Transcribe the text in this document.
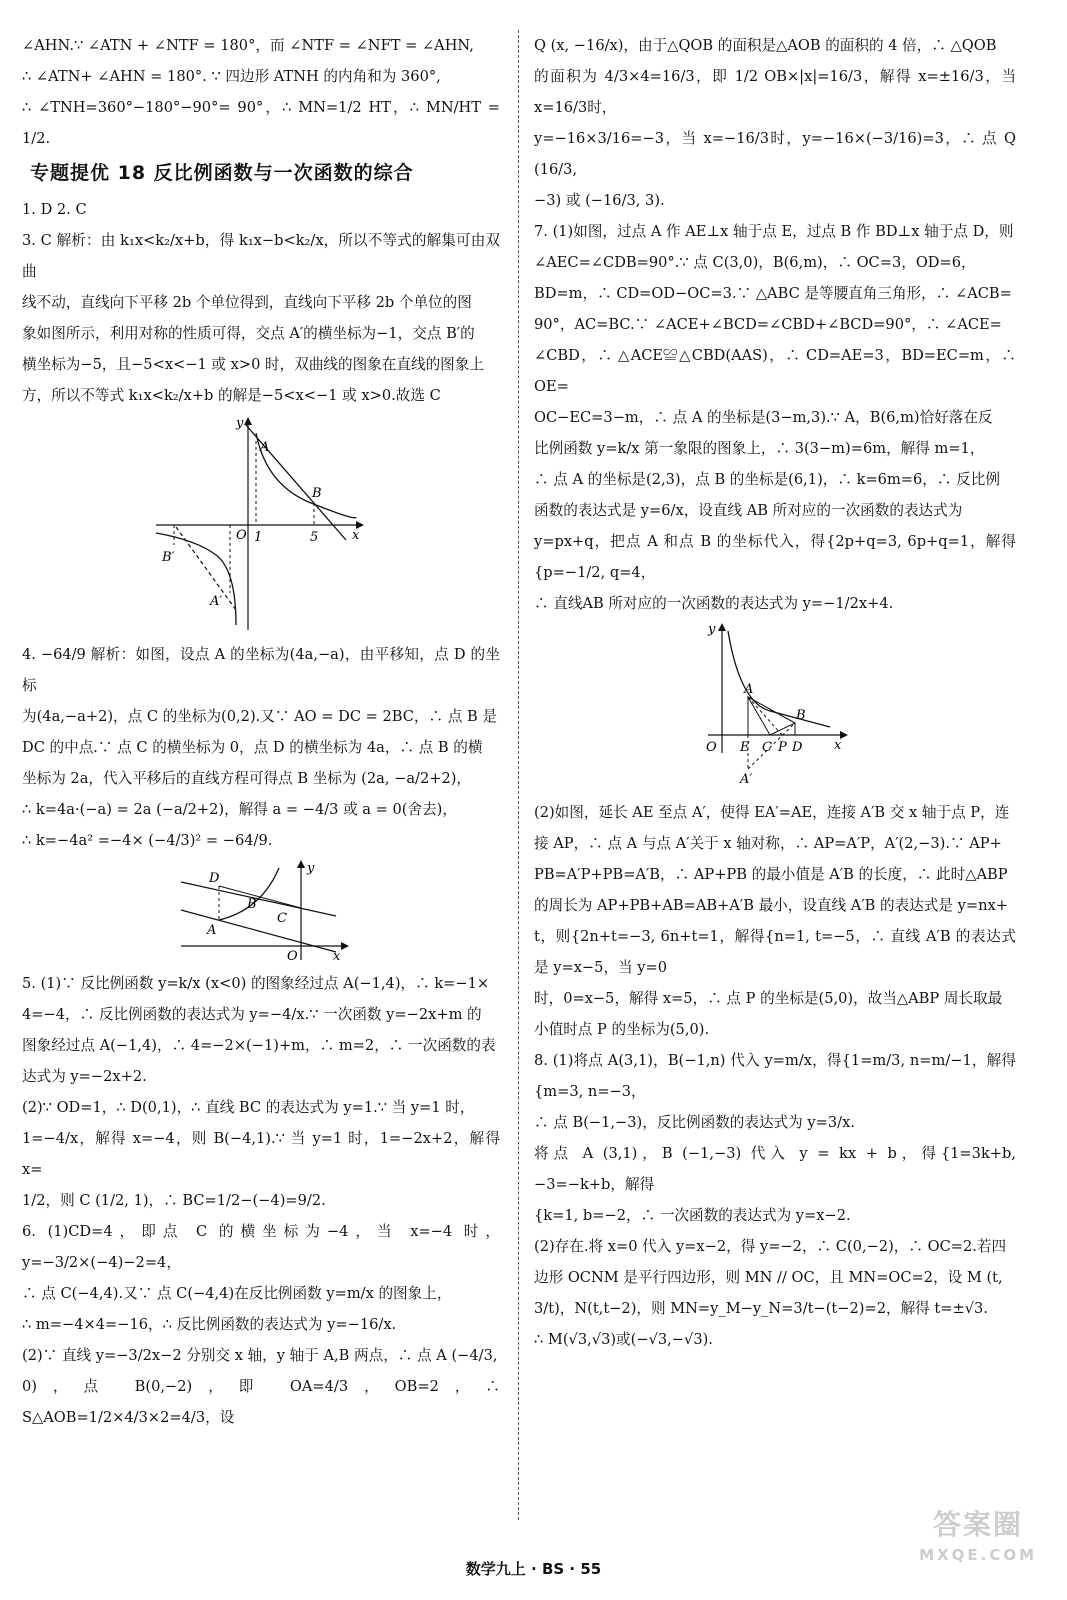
∠AHN.∵ ∠ATN + ∠NTF = 180°，而 ∠NTF = ∠NFT = ∠AHN,
∴ ∠ATN+ ∠AHN = 180°. ∵ 四边形 ATNH 的内角和为 360°,
∴ ∠TNH=360°−180°−90°= 90°，∴ MN=1/2 HT，∴ MN/HT = 1/2.
专题提优 18 反比例函数与一次函数的综合
1. D 2. C
3. C 解析：由 k₁x<k₂/x+b，得 k₁x−b<k₂/x，所以不等式的解集可由双曲
线不动，直线向下平移 2b 个单位得到，直线向下平移 2b 个单位的图
象如图所示，利用对称的性质可得，交点 A′的横坐标为−1，交点 B′的
横坐标为−5，且−5<x<−1 或 x>0 时，双曲线的图象在直线的图象上
方，所以不等式 k₁x<k₂/x+b 的解是−5<x<−1 或 x>0.故选 C
y
A
B
O 1	5	x
B′
A′
4. −64/9 解析：如图，设点 A 的坐标为(4a,−a)，由平移知，点 D 的坐标
为(4a,−a+2)，点 C 的坐标为(0,2).又∵ AO = DC = 2BC，∴ 点 B 是
DC 的中点.∵ 点 C 的横坐标为 0，点 D 的横坐标为 4a，∴ 点 B 的横
坐标为 2a，代入平移后的直线方程可得点 B 坐标为 (2a, −a/2+2)，
∴ k=4a·(−a) = 2a (−a/2+2)，解得 a = −4/3 或 a = 0(舍去)，
∴ k=−4a² =−4× (−4/3)² = −64/9.
y
D
B
C
A
O	x
5. (1)∵ 反比例函数 y=k/x (x<0) 的图象经过点 A(−1,4)，∴ k=−1×
4=−4，∴ 反比例函数的表达式为 y=−4/x.∵ 一次函数 y=−2x+m 的
图象经过点 A(−1,4)，∴ 4=−2×(−1)+m，∴ m=2，∴ 一次函数的表
达式为 y=−2x+2.
(2)∵ OD=1，∴ D(0,1)，∴ 直线 BC 的表达式为 y=1.∵ 当 y=1 时，
1=−4/x，解得 x=−4，则 B(−4,1).∵ 当 y=1 时，1=−2x+2，解得 x=
1/2，则 C (1/2, 1)，∴ BC=1/2−(−4)=9/2.
6. (1)CD=4，即点 C 的横坐标为−4，当 x=−4 时，y=−3/2×(−4)−2=4，
∴ 点 C(−4,4).又∵ 点 C(−4,4)在反比例函数 y=m/x 的图象上，
∴ m=−4×4=−16，∴ 反比例函数的表达式为 y=−16/x.
(2)∵ 直线 y=−3/2x−2 分别交 x 轴，y 轴于 A,B 两点，∴ 点 A (−4/3,
0)，点 B(0,−2)，即 OA=4/3，OB=2，∴ S△AOB=1/2×4/3×2=4/3，设
Q (x, −16/x)，由于△QOB 的面积是△AOB 的面积的 4 倍，∴ △QOB
的面积为 4/3×4=16/3，即 1/2 OB×|x|=16/3，解得 x=±16/3，当 x=16/3时，
y=−16×3/16=−3，当 x=−16/3时，y=−16×(−3/16)=3，∴ 点 Q (16/3,
−3) 或 (−16/3, 3).
7. (1)如图，过点 A 作 AE⊥x 轴于点 E，过点 B 作 BD⊥x 轴于点 D，则
∠AEC=∠CDB=90°.∵ 点 C(3,0)，B(6,m)，∴ OC=3，OD=6，
BD=m，∴ CD=OD−OC=3.∵ △ABC 是等腰直角三角形，∴ ∠ACB=
90°，AC=BC.∵ ∠ACE+∠BCD=∠CBD+∠BCD=90°，∴ ∠ACE=
∠CBD，∴ △ACE≌△CBD(AAS)，∴ CD=AE=3，BD=EC=m，∴ OE=
OC−EC=3−m，∴ 点 A 的坐标是(3−m,3).∵ A，B(6,m)恰好落在反
比例函数 y=k/x 第一象限的图象上，∴ 3(3−m)=6m，解得 m=1，
∴ 点 A 的坐标是(2,3)，点 B 的坐标是(6,1)，∴ k=6m=6，∴ 反比例
函数的表达式是 y=6/x，设直线 AB 所对应的一次函数的表达式为
y=px+q，把点 A 和点 B 的坐标代入，得{2p+q=3, 6p+q=1，解得{p=−1/2, q=4，
∴ 直线AB 所对应的一次函数的表达式为 y=−1/2x+4.
y
A
B
O E C P D x
A′
(2)如图，延长 AE 至点 A′，使得 EA′=AE，连接 A′B 交 x 轴于点 P，连
接 AP，∴ 点 A 与点 A′关于 x 轴对称，∴ AP=A′P，A′(2,−3).∵ AP+
PB=A′P+PB=A′B，∴ AP+PB 的最小值是 A′B 的长度，∴ 此时△ABP
的周长为 AP+PB+AB=AB+A′B 最小，设直线 A′B 的表达式是 y=nx+
t，则{2n+t=−3, 6n+t=1，解得{n=1, t=−5，∴ 直线 A′B 的表达式是 y=x−5，当 y=0
时，0=x−5，解得 x=5，∴ 点 P 的坐标是(5,0)，故当△ABP 周长取最
小值时点 P 的坐标为(5,0).
8. (1)将点 A(3,1)，B(−1,n) 代入 y=m/x，得{1=m/3, n=m/−1，解得{m=3, n=−3，
∴ 点 B(−1,−3)，反比例函数的表达式为 y=3/x.
将点 A (3,1)，B (−1,−3) 代入 y = kx + b，得{1=3k+b, −3=−k+b，解得
{k=1, b=−2，∴ 一次函数的表达式为 y=x−2.
(2)存在.将 x=0 代入 y=x−2，得 y=−2，∴ C(0,−2)，∴ OC=2.若四
边形 OCNM 是平行四边形，则 MN // OC，且 MN=OC=2，设 M (t,
3/t)，N(t,t−2)，则 MN=y_M−y_N=3/t−(t−2)=2，解得 t=±√3.
∴ M(√3,√3)或(−√3,−√3).
数学九上 · BS · 55
答案圈
MXQE.COM
